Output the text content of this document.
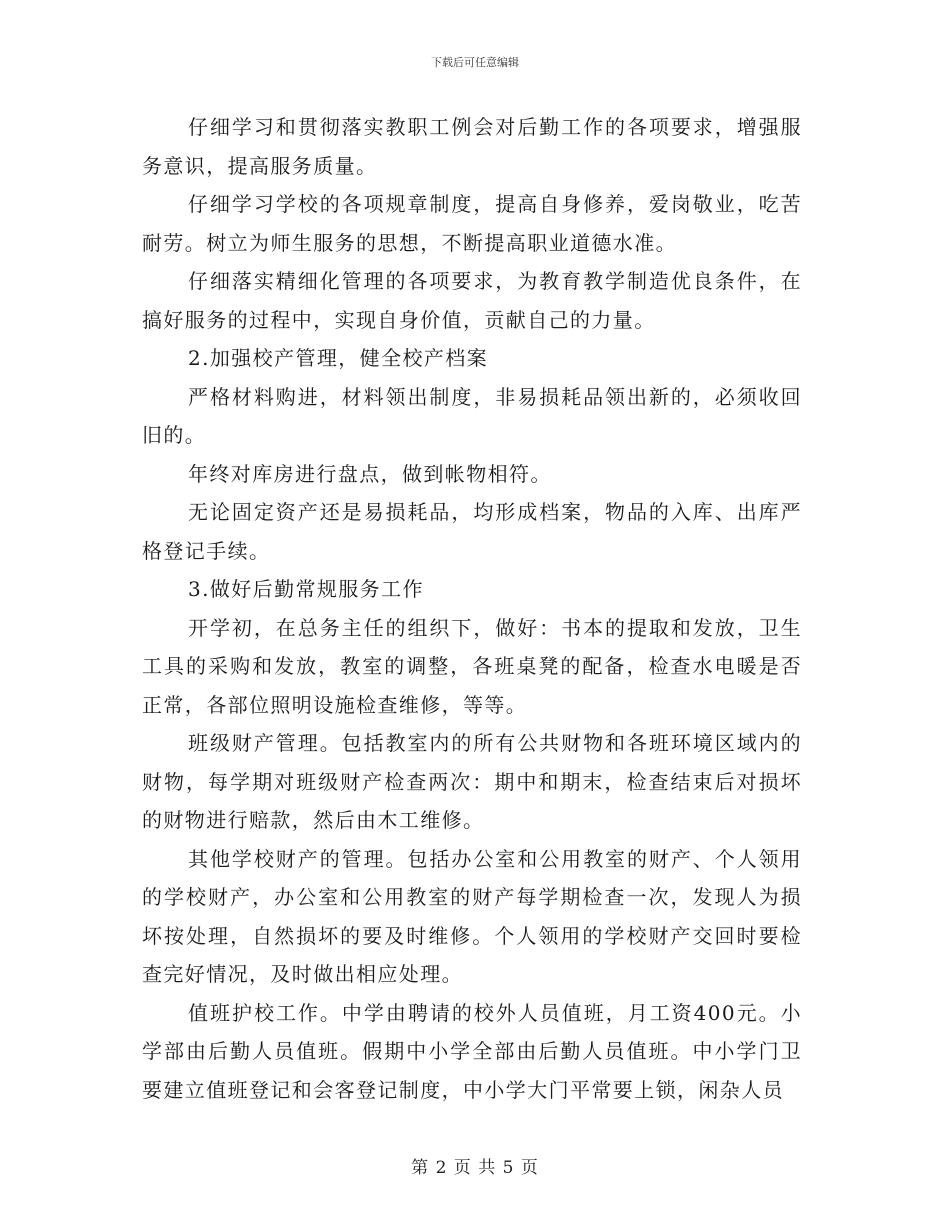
下载后可任意编辑

仔细学习和贯彻落实教职工例会对后勤工作的各项要求，增强服务意识，提高服务质量。

仔细学习学校的各项规章制度，提高自身修养，爱岗敬业，吃苦耐劳。树立为师生服务的思想，不断提高职业道德水准。

仔细落实精细化管理的各项要求，为教育教学制造优良条件，在搞好服务的过程中，实现自身价值，贡献自己的力量。

2.加强校产管理，健全校产档案

严格材料购进，材料领出制度，非易损耗品领出新的，必须收回旧的。

年终对库房进行盘点，做到帐物相符。

无论固定资产还是易损耗品，均形成档案，物品的入库、出库严格登记手续。

3.做好后勤常规服务工作

开学初，在总务主任的组织下，做好：书本的提取和发放，卫生工具的采购和发放，教室的调整，各班桌凳的配备，检查水电暖是否正常，各部位照明设施检查维修，等等。

班级财产管理。包括教室内的所有公共财物和各班环境区域内的财物，每学期对班级财产检查两次：期中和期末，检查结束后对损坏的财物进行赔款，然后由木工维修。

其他学校财产的管理。包括办公室和公用教室的财产、个人领用的学校财产，办公室和公用教室的财产每学期检查一次，发现人为损坏按处理，自然损坏的要及时维修。个人领用的学校财产交回时要检查完好情况，及时做出相应处理。

值班护校工作。中学由聘请的校外人员值班，月工资400元。小学部由后勤人员值班。假期中小学全部由后勤人员值班。中小学门卫要建立值班登记和会客登记制度，中小学大门平常要上锁，闲杂人员

第 2 页 共 5 页
